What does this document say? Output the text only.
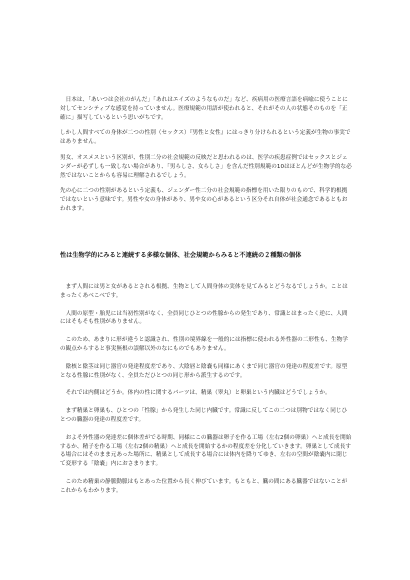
日本は、「あいつは会社のがんだ」「あれはエイズのようなものだ」など、疾病用の医療言語を病喩に使うことに対してセンシティブな感覚を持っていません。医療規範の用語が使われると、それがその人の状態そのものを「正確に」描写しているという思いがちです。

しかし人間すべての身体が二つの性別（セックス）『男性と女性』にはっきり分けられるという定義が生物の事実ではありません。

男女、オスメスという区別が、性別二分の社会規範の反映だと思われるのは、医学の疾患症例ではセックスとジェンダーが必ずしも一致しない場合があり、「男らしさ、女らしさ」を含んだ性別規範の10はほとんどが生物学的な必然ではないことからも容易に理解されるでしょう。

先の心に二つの性別があるという定義も、ジェンダー性二分の社会規範の指標を用いた限りのもので、科学的根拠ではないという意味です。男性や女の身体があり、男や女の心があるという区分それ自体が社会通念であるともおわれます。

性は生物学的にみると連続する多様な個体、社会規範からみると不連続の２種類の個体

まず人間には男と女があるとされる根拠、生物として人間身体の実体を見てみるとどうなるでしょうか。ことはまったくあべこべです。

人間の原型・胎児には当初性別がなく、全員同じひとつの性腺からの発生であり、常識とはまったく逆に、人間にはそもそも性別がありません。

このため、あまりに形が違うと認識され、性別の境界線を一般的には指標に使われる外性器の二形性も、生物学の観点からすると事実無根の誤解以外のなにものでもありません。

陰核と陰茎は同じ器官の発達程度差であり、大陰唇と陰嚢も同様にあくまで同じ器官の発達の程度差です。原型となる性腺に性別がなく、全員ただひとつの同じ形から派生するのです。

それでは内側はどうか。体内の性に関するパーツは、精巣（睾丸）と卵巣という内臓はどうでしょうか。

まず精巣と卵巣も、ひとつの「性腺」から発生した同じ内臓です。常識に反してこの二つは別物ではなく同じひとつの臓器の発達の程度差です。

およそ外性器の発達差に個体差がでる時期、同様にこの臓器は卵子を作る工場（左右2個の卵巣）へと成長を開始するか、精子を作る工場（左右2個の精巣）へと成長を開始するかの程度差を分化していきます。卵巣として成長する場合にはそのまま元あった場所に、精巣として成長する場合には体内を降りてゆき、左右の空間が陰嚢内に閉じて変形する「陰嚢」内におさまります。

このため精巣の静脈動脈はもとあった位置から長く伸びています。もともと、臓の間にある臓器ではないことがこれからもわかります。
